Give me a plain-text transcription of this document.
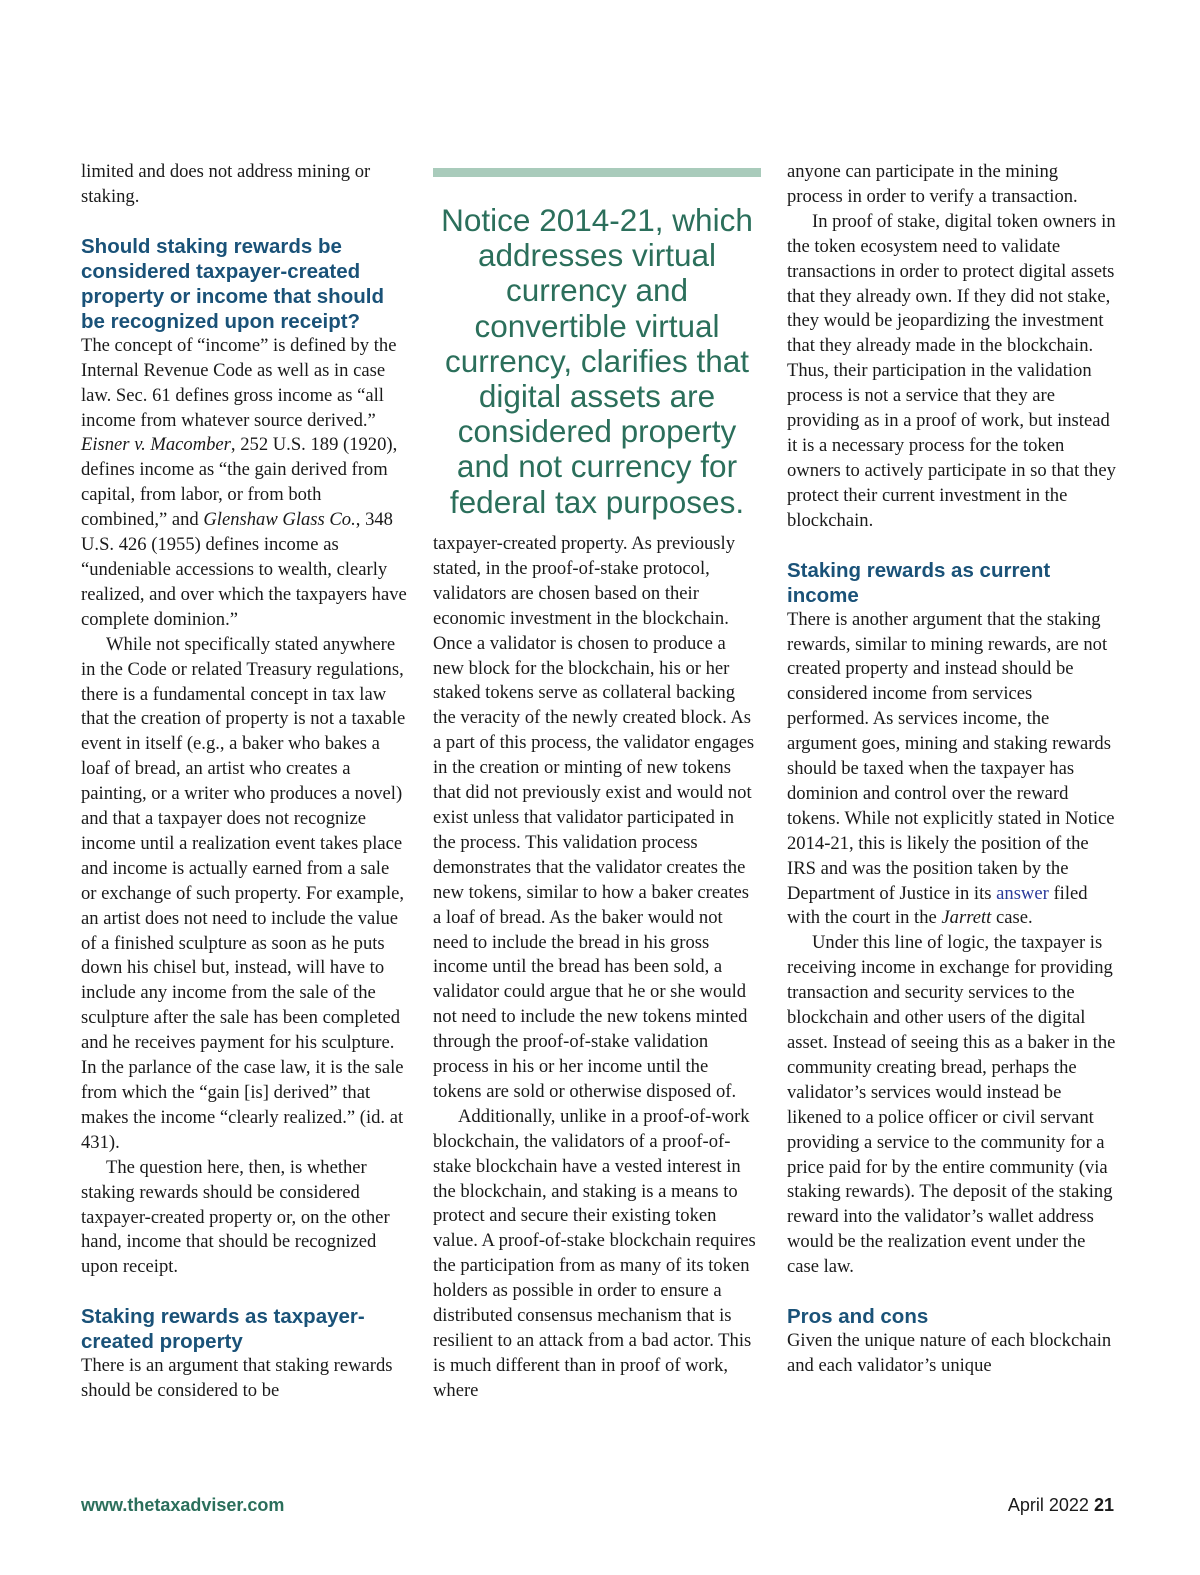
limited and does not address mining or staking.

Should staking rewards be considered taxpayer-created property or income that should be recognized upon receipt?

The concept of “income” is defined by the Internal Revenue Code as well as in case law. Sec. 61 defines gross income as “all income from whatever source derived.” Eisner v. Macomber, 252 U.S. 189 (1920), defines income as “the gain derived from capital, from labor, or from both combined,” and Glenshaw Glass Co., 348 U.S. 426 (1955) defines income as “undeniable accessions to wealth, clearly realized, and over which the taxpayers have complete dominion.”

While not specifically stated anywhere in the Code or related Treasury regulations, there is a fundamental concept in tax law that the creation of property is not a taxable event in itself (e.g., a baker who bakes a loaf of bread, an artist who creates a painting, or a writer who produces a novel) and that a taxpayer does not recognize income until a realization event takes place and income is actually earned from a sale or exchange of such property. For example, an artist does not need to include the value of a finished sculpture as soon as he puts down his chisel but, instead, will have to include any income from the sale of the sculpture after the sale has been completed and he receives payment for his sculpture. In the parlance of the case law, it is the sale from which the “gain [is] derived” that makes the income “clearly realized.” (id. at 431).

The question here, then, is whether staking rewards should be considered taxpayer-created property or, on the other hand, income that should be recognized upon receipt.

Staking rewards as taxpayer-created property

There is an argument that staking rewards should be considered to be

Notice 2014-21, which addresses virtual currency and convertible virtual currency, clarifies that digital assets are considered property and not currency for federal tax purposes.

taxpayer-created property. As previously stated, in the proof-of-stake protocol, validators are chosen based on their economic investment in the blockchain. Once a validator is chosen to produce a new block for the blockchain, his or her staked tokens serve as collateral backing the veracity of the newly created block. As a part of this process, the validator engages in the creation or minting of new tokens that did not previously exist and would not exist unless that validator participated in the process. This validation process demonstrates that the validator creates the new tokens, similar to how a baker creates a loaf of bread. As the baker would not need to include the bread in his gross income until the bread has been sold, a validator could argue that he or she would not need to include the new tokens minted through the proof-of-stake validation process in his or her income until the tokens are sold or otherwise disposed of.

Additionally, unlike in a proof-of-work blockchain, the validators of a proof-of-stake blockchain have a vested interest in the blockchain, and staking is a means to protect and secure their existing token value. A proof-of-stake blockchain requires the participation from as many of its token holders as possible in order to ensure a distributed consensus mechanism that is resilient to an attack from a bad actor. This is much different than in proof of work, where

anyone can participate in the mining process in order to verify a transaction.

In proof of stake, digital token owners in the token ecosystem need to validate transactions in order to protect digital assets that they already own. If they did not stake, they would be jeopardizing the investment that they already made in the blockchain. Thus, their participation in the validation process is not a service that they are providing as in a proof of work, but instead it is a necessary process for the token owners to actively participate in so that they protect their current investment in the blockchain.

Staking rewards as current income

There is another argument that the staking rewards, similar to mining rewards, are not created property and instead should be considered income from services performed. As services income, the argument goes, mining and staking rewards should be taxed when the taxpayer has dominion and control over the reward tokens. While not explicitly stated in Notice 2014-21, this is likely the position of the IRS and was the position taken by the Department of Justice in its answer filed with the court in the Jarrett case.

Under this line of logic, the taxpayer is receiving income in exchange for providing transaction and security services to the blockchain and other users of the digital asset. Instead of seeing this as a baker in the community creating bread, perhaps the validator’s services would instead be likened to a police officer or civil servant providing a service to the community for a price paid for by the entire community (via staking rewards). The deposit of the staking reward into the validator’s wallet address would be the realization event under the case law.

Pros and cons

Given the unique nature of each blockchain and each validator’s unique

www.thetaxadviser.com	April 2022 21
